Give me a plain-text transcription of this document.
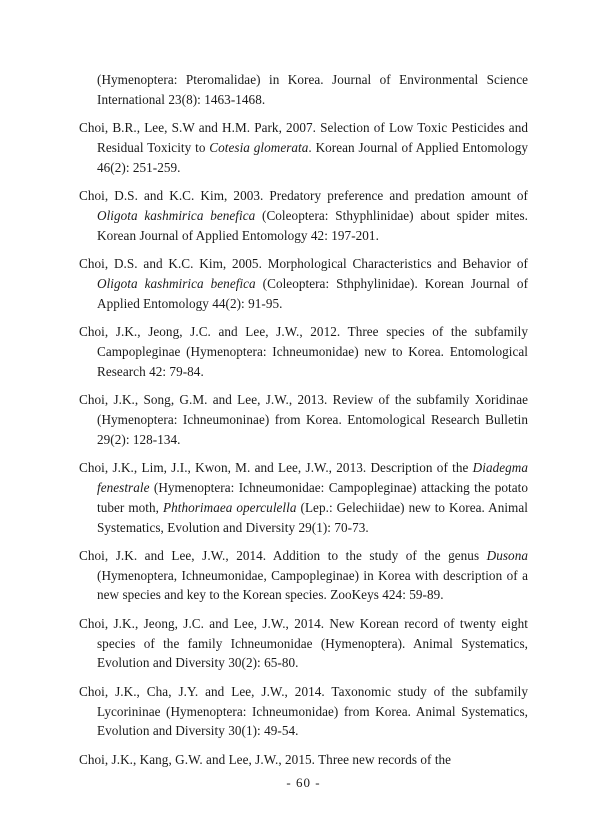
(Hymenoptera: Pteromalidae) in Korea. Journal of Environmental Science International 23(8): 1463-1468.

Choi, B.R., Lee, S.W and H.M. Park, 2007. Selection of Low Toxic Pesticides and Residual Toxicity to Cotesia glomerata. Korean Journal of Applied Entomology 46(2): 251-259.

Choi, D.S. and K.C. Kim, 2003. Predatory preference and predation amount of Oligota kashmirica benefica (Coleoptera: Sthyphlinidae) about spider mites. Korean Journal of Applied Entomology 42: 197-201.

Choi, D.S. and K.C. Kim, 2005. Morphological Characteristics and Behavior of Oligota kashmirica benefica (Coleoptera: Sthphylinidae). Korean Journal of Applied Entomology 44(2): 91-95.

Choi, J.K., Jeong, J.C. and Lee, J.W., 2012. Three species of the subfamily Campopleginae (Hymenoptera: Ichneumonidae) new to Korea. Entomological Research 42: 79-84.

Choi, J.K., Song, G.M. and Lee, J.W., 2013. Review of the subfamily Xoridinae (Hymenoptera: Ichneumoninae) from Korea. Entomological Research Bulletin 29(2): 128-134.

Choi, J.K., Lim, J.I., Kwon, M. and Lee, J.W., 2013. Description of the Diadegma fenestrale (Hymenoptera: Ichneumonidae: Campopleginae) attacking the potato tuber moth, Phthorimaea operculella (Lep.: Gelechiidae) new to Korea. Animal Systematics, Evolution and Diversity 29(1): 70-73.

Choi, J.K. and Lee, J.W., 2014. Addition to the study of the genus Dusona (Hymenoptera, Ichneumonidae, Campopleginae) in Korea with description of a new species and key to the Korean species. ZooKeys 424: 59-89.

Choi, J.K., Jeong, J.C. and Lee, J.W., 2014. New Korean record of twenty eight species of the family Ichneumonidae (Hymenoptera). Animal Systematics, Evolution and Diversity 30(2): 65-80.

Choi, J.K., Cha, J.Y. and Lee, J.W., 2014. Taxonomic study of the subfamily Lycorininae (Hymenoptera: Ichneumonidae) from Korea. Animal Systematics, Evolution and Diversity 30(1): 49-54.

Choi, J.K., Kang, G.W. and Lee, J.W., 2015. Three new records of the

- 60 -
